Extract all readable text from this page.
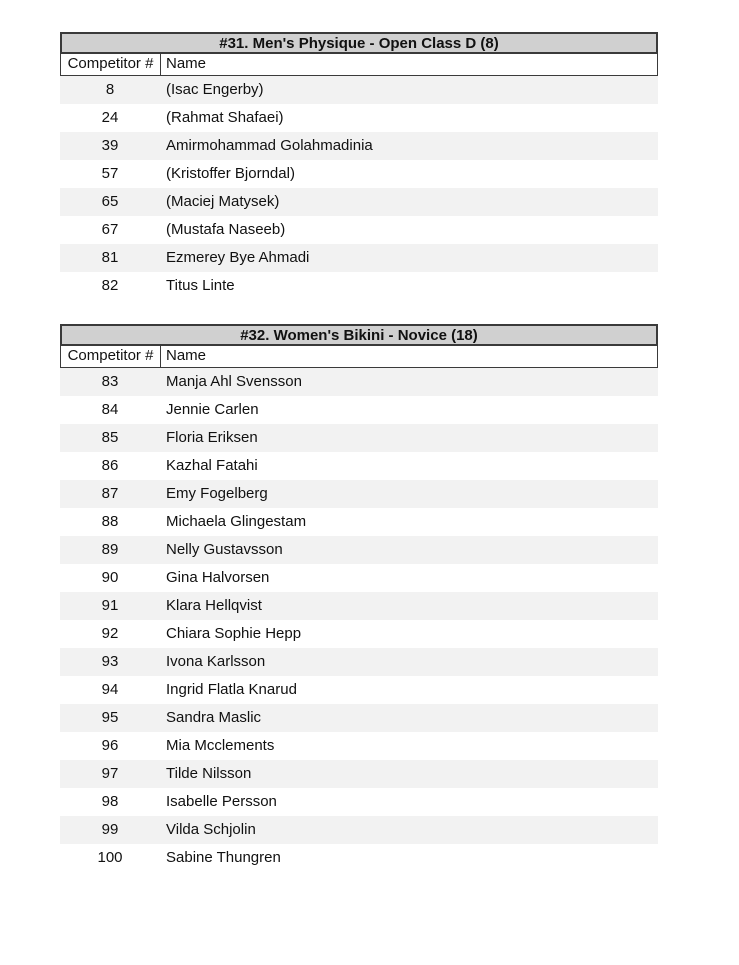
#31. Men's Physique - Open Class D (8)
Competitor # Name
8	(Isac Engerby)
24	(Rahmat Shafaei)
39	Amirmohammad Golahmadinia
57	(Kristoffer Bjorndal)
65	(Maciej Matysek)
67	(Mustafa Naseeb)
81	Ezmerey Bye Ahmadi
82	Titus Linte
#32. Women's Bikini - Novice (18)
Competitor # Name
83	Manja Ahl Svensson
84	Jennie Carlen
85	Floria Eriksen
86	Kazhal Fatahi
87	Emy Fogelberg
88	Michaela Glingestam
89	Nelly Gustavsson
90	Gina Halvorsen
91	Klara Hellqvist
92	Chiara Sophie Hepp
93	Ivona Karlsson
94	Ingrid Flatla Knarud
95	Sandra Maslic
96	Mia Mcclements
97	Tilde Nilsson
98	Isabelle Persson
99	Vilda Schjolin
100	Sabine Thungren
